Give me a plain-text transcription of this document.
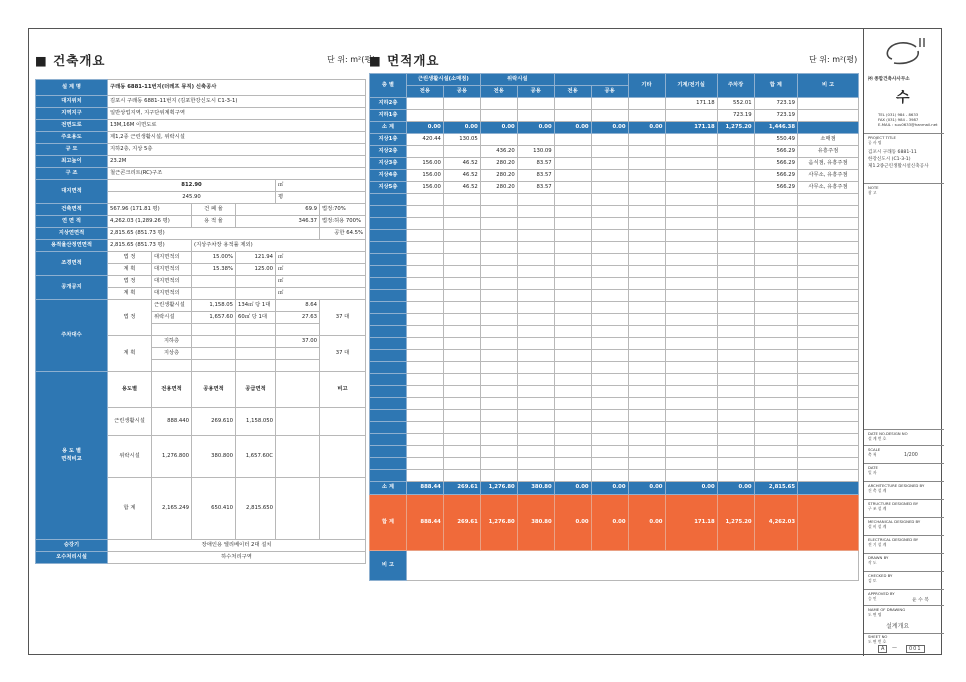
■ 건축개요	단 위: m²(평)
설 계 명	구래동 6881-11번지(더레프 뮤직) 신축공사					
대지위치	김포시 구래동 6881-11번지 (김포한강신도시 C1-3-1)					
지역지구	일반상업지역, 지구단위계획구역					
전면도로	13M,16M 이면도로					
주요용도	제1,2종 근린생활시설, 위락시설					
규 모	지하2층, 지상 5층					
최고높이	23.2M					
구 조	철근콘크리트(RC)구조					
대지면적	812.90				㎡	
	245.90				평	
건축면적	567.96 (171.81 평)		건 폐 율	69.9		법정:70%
연 면 적	4,262.03 (1,289.26 평)		용 적 율	346.37		법정:허용 700%
지상연면적	2,815.65 (851.73 평)					공한 64.5%
용적율산정연면적	2,815.65 (851.73 평)		(지상주차장 용적률 제외)			
조경면적	법 정	대지면적의	15.00%	121.94	㎡	
	계 획	대지면적의	15.38%	125.00	㎡	
공개공지	법 정	대지면적의			㎡	
	계 획	대지면적의			㎡	
주차대수	법 정	근린생활시설	1,158.05	134㎡ 당 1대	8.64	37 대
		위락시설	1,657.60	60㎡ 당 1대	27.63	

	계 획	지하층			37.00	37 대
		지상층				

용 도 별
면적비교	용도별	전용면적	공용면적	공급면적		비고
	근린생활시설	888.440	269.610	1,158.050		
	위락시설	1,276.800	380.800	1,657.60C		
	합 계	2,165.249	650.410	2,815.650		
승강기	장애인용 엘리베이터 2대 설치					
오수처리시설	하수처리구역					
■ 면적개요	단 위: m²(평)
층 별	근린생활시설(소매점)		위락시설				기타	기계/전기실	주차장	합 계	비 고
	전용	공용	전용	공용	전용	공용					
지하2층								171.18	552.01	723.19	
지하1층									723.19	723.19	
소 계	0.00	0.00	0.00	0.00	0.00	0.00	0.00	171.18	1,275.20	1,446.38	
지상1층	420.44	130.05								550.49	소매점
지상2층			436.20	130.09						566.29	유흥주점
지상3층	156.00	46.52	280.20	83.57						566.29	음식점, 유흥주점
지상4층	156.00	46.52	280.20	83.57						566.29	사무소, 유흥주점
지상5층	156.00	46.52	280.20	83.57						566.29	사무소, 유흥주점

소 계	888.44	269.61	1,276.80	380.80	0.00	0.00	0.00	0.00	0.00	2,815.65	
합 계	888.44	269.61	1,276.80	380.80	0.00	0.00	0.00	171.18	1,275.20	4,262.03	
비 고											
㈜ 종합건축사사무소
수
TEL (031) 984 - 8633
FAX (031) 984 - 3987
E-MAIL : suu0633@hanmail.net
PROJECT TITLE
공 사 명
김포시 구래동 6881-11
한강신도시 (C1-3-1)
제1.2종근린생활시설신축공사
NOTE
참 고
DATE NO.DESIGN NO
설 계 번 호
SCALE
축 척	1/200
DATE
일 자
ARCHITECTURE DESIGNED BY
건 축 설 계
STRUCTURE DESIGNED BY
구 조 설 계
MECHANICAL DESIGNED BY
설 비 설 계
ELECTRICAL DESIGNED BY
전 기 설 계
DRAWN BY
작 도
CHECKED BY
검 토
APPROVED BY
승 인	윤 수 복
NAME OF DRAWING
도 면 명
설계개요
SHEET NO
도 면 번 호
A	—	001
